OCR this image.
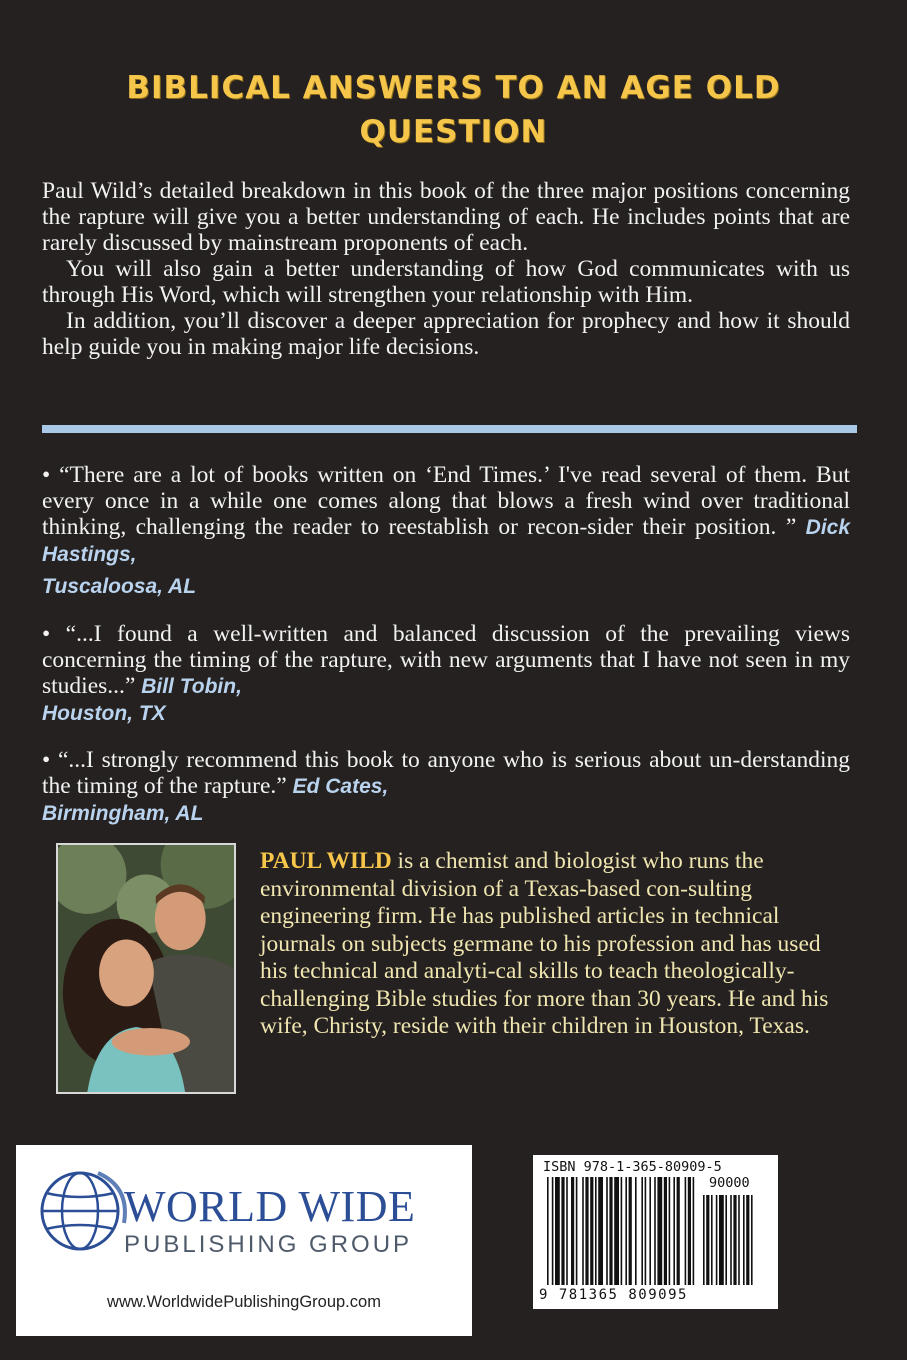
BIBLICAL ANSWERS TO AN AGE OLD
QUESTION

Paul Wild’s detailed breakdown in this book of the three major positions concerning the rapture will give you a better understanding of each. He includes points that are rarely discussed by mainstream proponents of each.

You will also gain a better understanding of how God communicates with us through His Word, which will strengthen your relationship with Him.

In addition, you’ll discover a deeper appreciation for prophecy and how it should help guide you in making major life decisions.

• “There are a lot of books written on ‘End Times.’ I've read several of them. But every once in a while one comes along that blows a fresh wind over traditional thinking, challenging the reader to reestablish or recon-sider their position. ” Dick Hastings,
Tuscaloosa, AL
• “...I found a well-written and balanced discussion of the prevailing views concerning the timing of the rapture, with new arguments that I have not seen in my studies...” Bill Tobin,
Houston, TX
• “...I strongly recommend this book to anyone who is serious about un-derstanding the timing of the rapture.” Ed Cates,
Birmingham, AL
PAUL WILD is a chemist and biologist who runs the environmental division of a Texas-based con-sulting engineering firm. He has published articles in technical journals on subjects germane to his profession and has used his technical and analyti-cal skills to teach theologically-challenging Bible studies for more than 30 years. He and his wife, Christy, reside with their children in Houston, Texas.
WORLD WIDE
PUBLISHING GROUP
www.WorldwidePublishingGroup.com
ISBN 978-1-365-80909-5
90000
9 781365 809095
